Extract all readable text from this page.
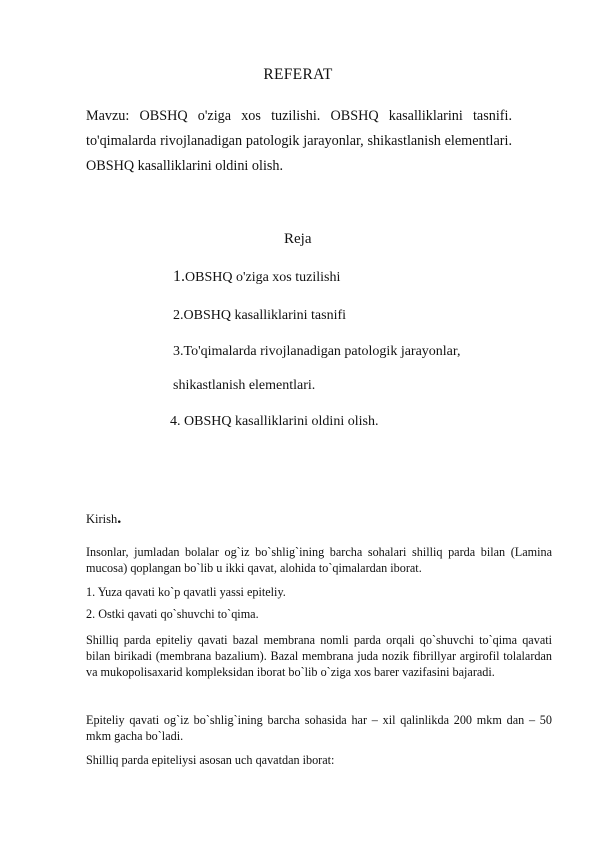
REFERAT
Mavzu: OBSHQ o'ziga xos tuzilishi. OBSHQ kasalliklarini tasnifi. to'qimalarda rivojlanadigan patologik jarayonlar, shikastlanish elementlari. OBSHQ kasalliklarini oldini olish.
Reja
1.OBSHQ o'ziga xos tuzilishi
2.OBSHQ kasalliklarini tasnifi
3.To'qimalarda rivojlanadigan patologik jarayonlar,
shikastlanish elementlari.
4. OBSHQ kasalliklarini oldini olish.
Kirish.
Insonlar, jumladan bolalar og`iz bo`shlig`ining barcha sohalari shilliq parda bilan (Lamina mucosa) qoplangan bo`lib u ikki qavat, alohida to`qimalardan iborat.
1. Yuza qavati ko`p qavatli yassi epiteliy.
2. Ostki qavati qo`shuvchi to`qima.
Shilliq parda epiteliy qavati bazal membrana nomli parda orqali qo`shuvchi to`qima qavati bilan birikadi (membrana bazalium). Bazal membrana juda nozik fibrillyar argirofil tolalardan va mukopolisaxarid kompleksidan iborat bo`lib o`ziga xos barer vazifasini bajaradi.
Epiteliy qavati og`iz bo`shlig`ining barcha sohasida har – xil qalinlikda 200 mkm dan – 50 mkm gacha bo`ladi.
Shilliq parda epiteliysi asosan uch qavatdan iborat:
